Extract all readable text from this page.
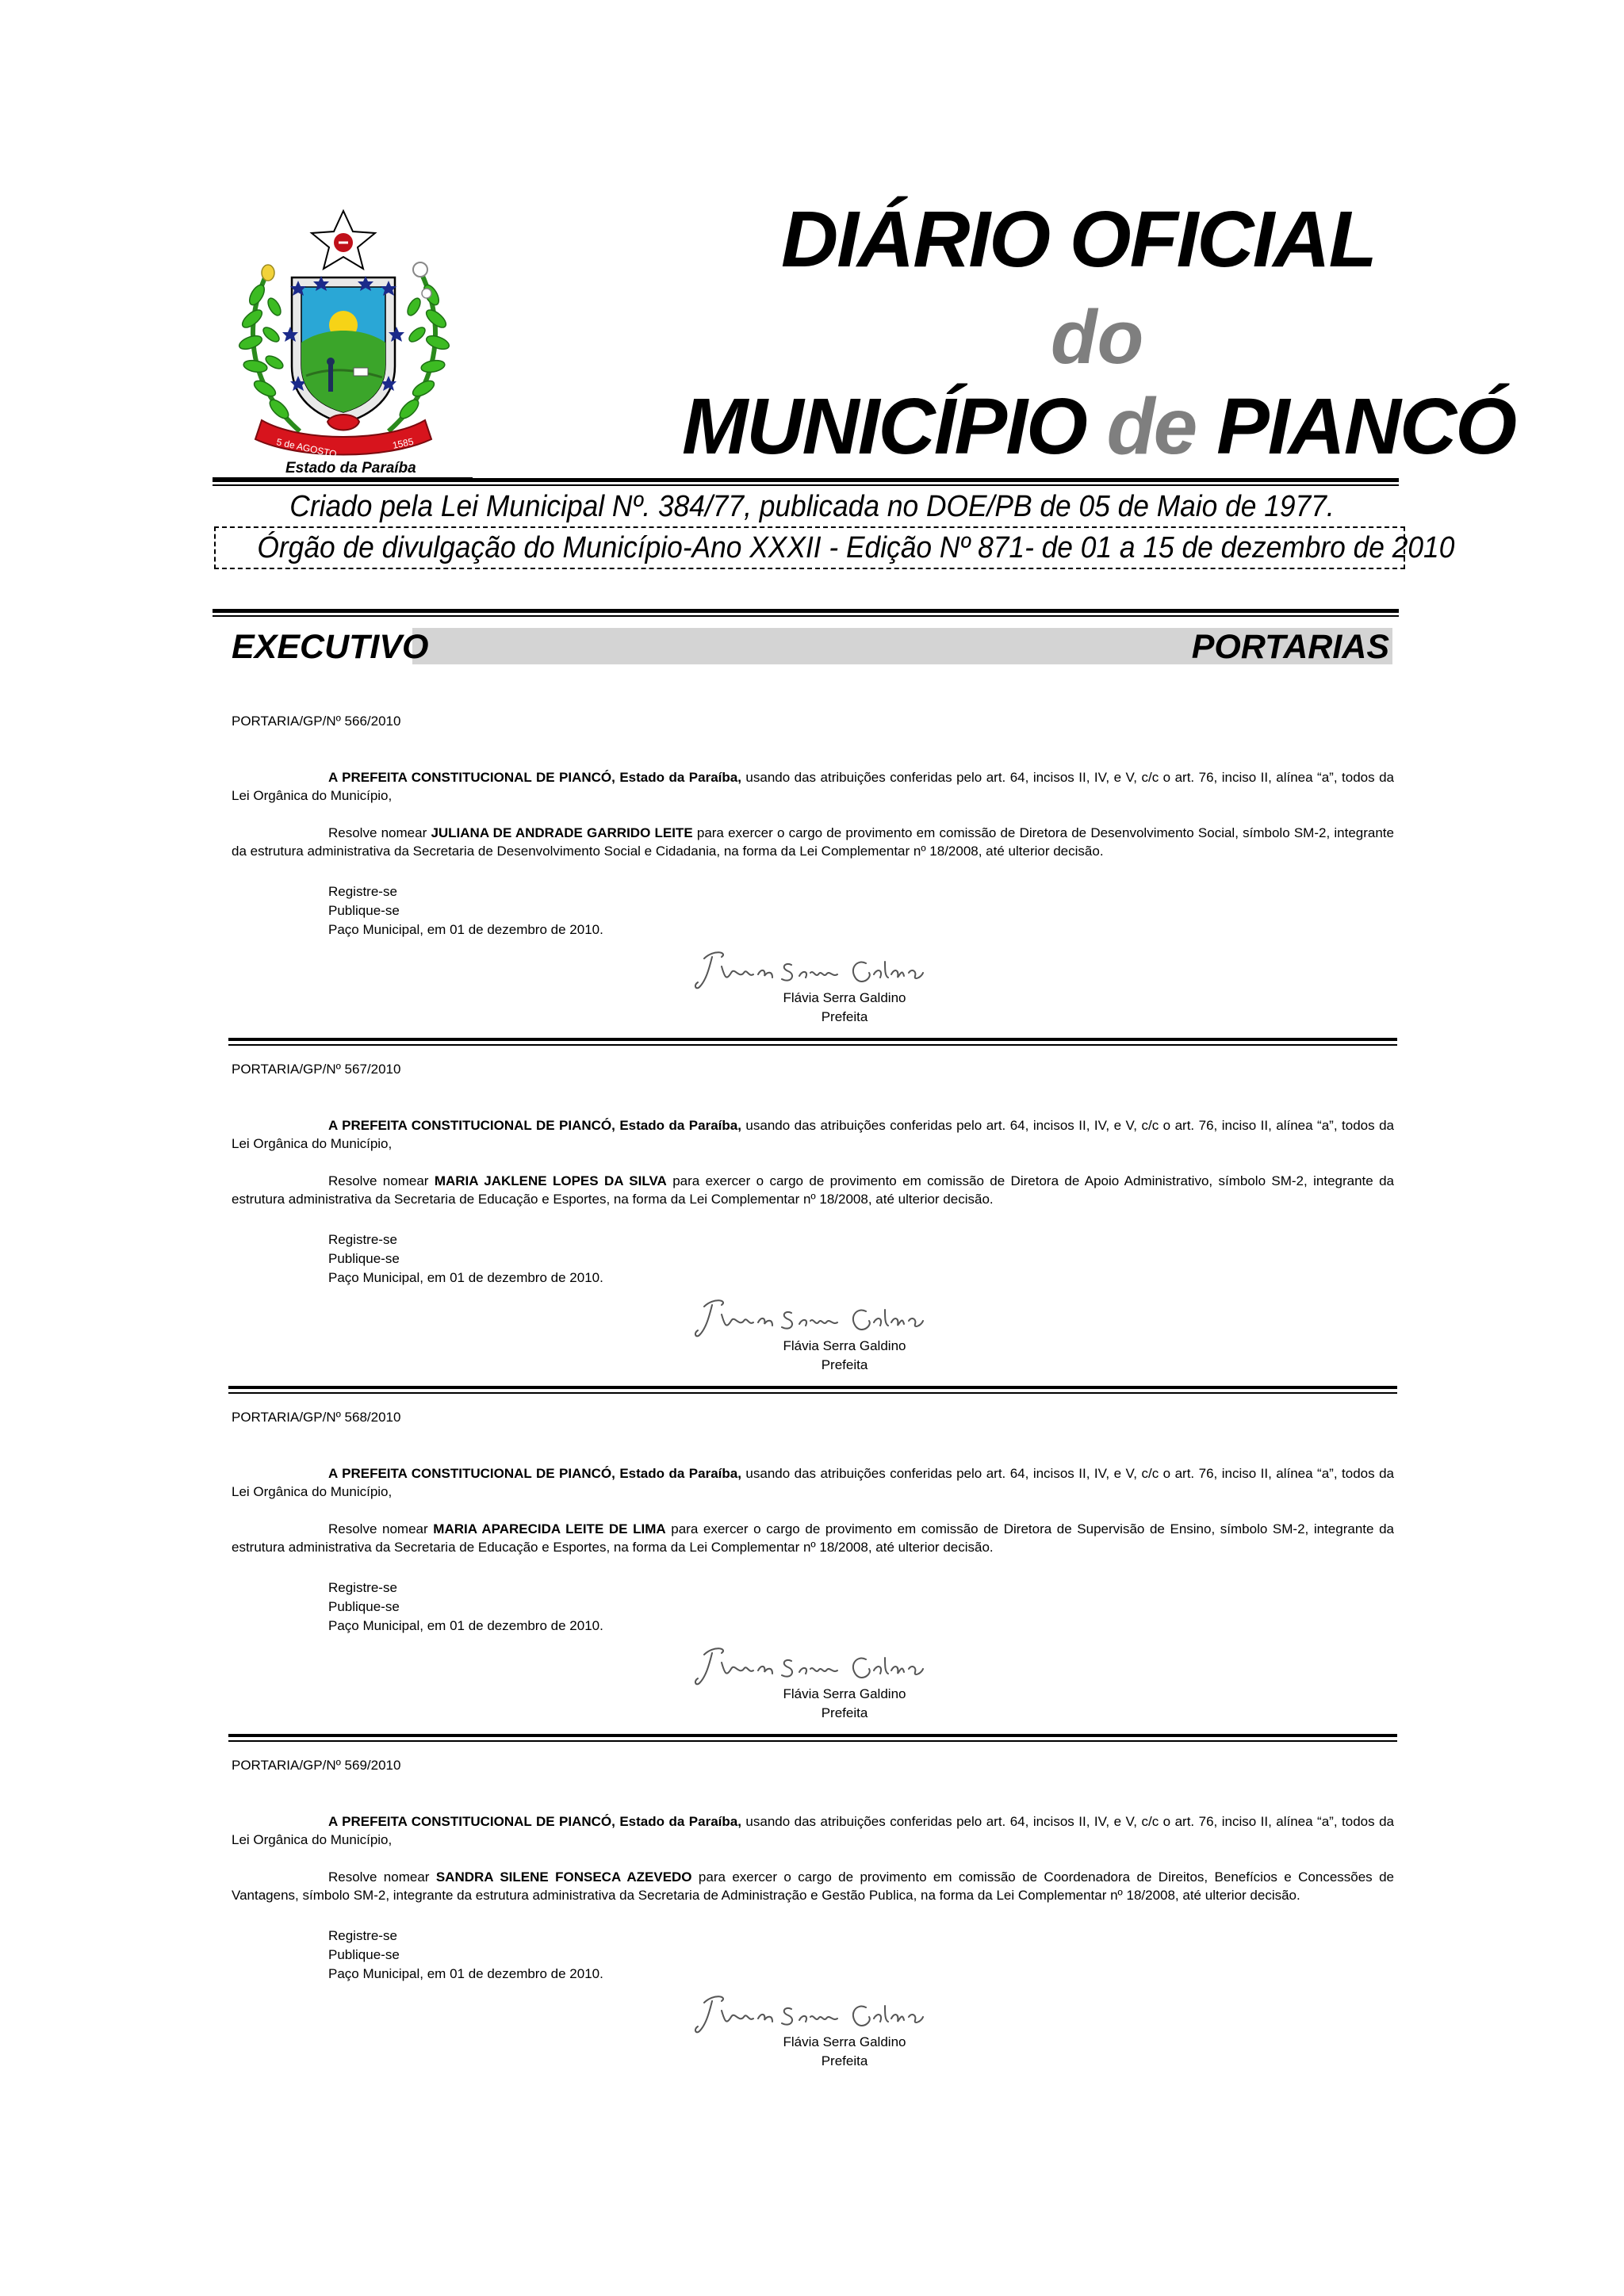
5 de AGOSTO	1585
Estado da Paraíba
DIÁRIO OFICIAL
do
MUNICÍPIO de PIANCÓ
Criado pela Lei Municipal Nº. 384/77, publicada no DOE/PB de 05 de Maio de 1977.
Órgão de divulgação do Município-Ano XXXII - Edição Nº 871- de 01 a 15 de dezembro de 2010
EXECUTIVO	PORTARIAS
PORTARIA/GP/Nº 566/2010

A PREFEITA CONSTITUCIONAL DE PIANCÓ, Estado da Paraíba, usando das atribuições conferidas pelo art. 64, incisos II, IV, e V, c/c o art. 76, inciso II, alínea “a”, todos da Lei Orgânica do Município,

Resolve nomear JULIANA DE ANDRADE GARRIDO LEITE para exercer o cargo de provimento em comissão de Diretora de Desenvolvimento Social, símbolo SM-2, integrante da estrutura administrativa da Secretaria de Desenvolvimento Social e Cidadania, na forma da Lei Complementar nº 18/2008, até ulterior decisão.

Registre-se
Publique-se
Paço Municipal, em 01 de dezembro de 2010.
Flávia Serra Galdino
Prefeita
PORTARIA/GP/Nº 567/2010

A PREFEITA CONSTITUCIONAL DE PIANCÓ, Estado da Paraíba, usando das atribuições conferidas pelo art. 64, incisos II, IV, e V, c/c o art. 76, inciso II, alínea “a”, todos da Lei Orgânica do Município,

Resolve nomear MARIA JAKLENE LOPES DA SILVA para exercer o cargo de provimento em comissão de Diretora de Apoio Administrativo, símbolo SM-2, integrante da estrutura administrativa da Secretaria de Educação e Esportes, na forma da Lei Complementar nº 18/2008, até ulterior decisão.

Registre-se
Publique-se
Paço Municipal, em 01 de dezembro de 2010.
Flávia Serra Galdino
Prefeita
PORTARIA/GP/Nº 568/2010

A PREFEITA CONSTITUCIONAL DE PIANCÓ, Estado da Paraíba, usando das atribuições conferidas pelo art. 64, incisos II, IV, e V, c/c o art. 76, inciso II, alínea “a”, todos da Lei Orgânica do Município,

Resolve nomear MARIA APARECIDA LEITE DE LIMA para exercer o cargo de provimento em comissão de Diretora de Supervisão de Ensino, símbolo SM-2, integrante da estrutura administrativa da Secretaria de Educação e Esportes, na forma da Lei Complementar nº 18/2008, até ulterior decisão.

Registre-se
Publique-se
Paço Municipal, em 01 de dezembro de 2010.
Flávia Serra Galdino
Prefeita
PORTARIA/GP/Nº 569/2010

A PREFEITA CONSTITUCIONAL DE PIANCÓ, Estado da Paraíba, usando das atribuições conferidas pelo art. 64, incisos II, IV, e V, c/c o art. 76, inciso II, alínea “a”, todos da Lei Orgânica do Município,

Resolve nomear SANDRA SILENE FONSECA AZEVEDO para exercer o cargo de provimento em comissão de Coordenadora de Direitos, Benefícios e Concessões de Vantagens, símbolo SM-2, integrante da estrutura administrativa da Secretaria de Administração e Gestão Publica, na forma da Lei Complementar nº 18/2008, até ulterior decisão.

Registre-se
Publique-se
Paço Municipal, em 01 de dezembro de 2010.
Flávia Serra Galdino
Prefeita
